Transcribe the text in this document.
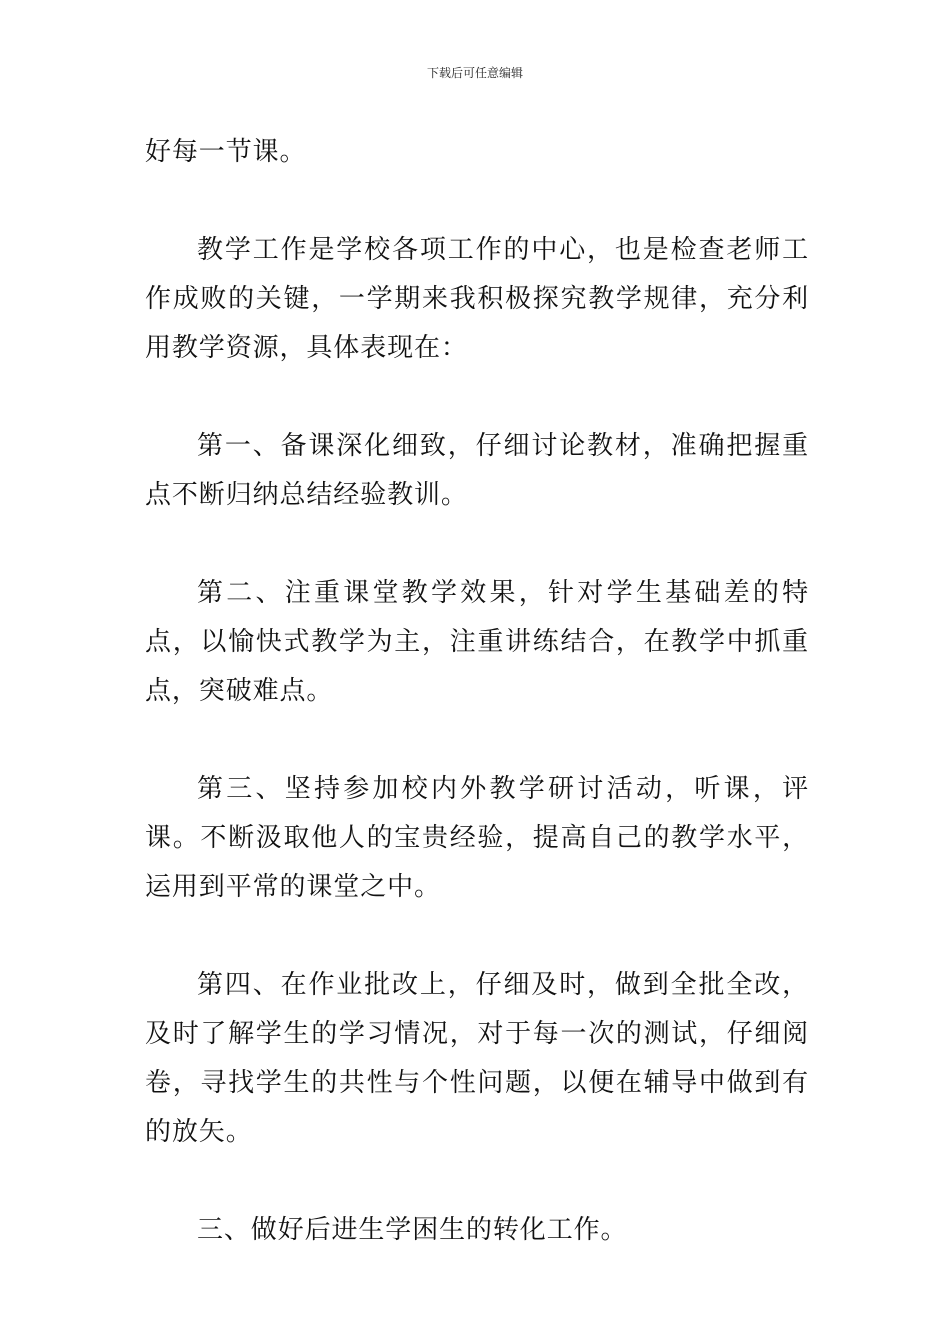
下载后可任意编辑

好每一节课。

教学工作是学校各项工作的中心，也是检查老师工作成败的关键，一学期来我积极探究教学规律，充分利用教学资源，具体表现在：

第一、备课深化细致，仔细讨论教材，准确把握重点不断归纳总结经验教训。

第二、注重课堂教学效果，针对学生基础差的特点，以愉快式教学为主，注重讲练结合，在教学中抓重点，突破难点。

第三、坚持参加校内外教学研讨活动，听课，评课。不断汲取他人的宝贵经验，提高自己的教学水平，运用到平常的课堂之中。

第四、在作业批改上，仔细及时，做到全批全改，及时了解学生的学习情况，对于每一次的测试，仔细阅卷，寻找学生的共性与个性问题，以便在辅导中做到有的放矢。

三、做好后进生学困生的转化工作。
